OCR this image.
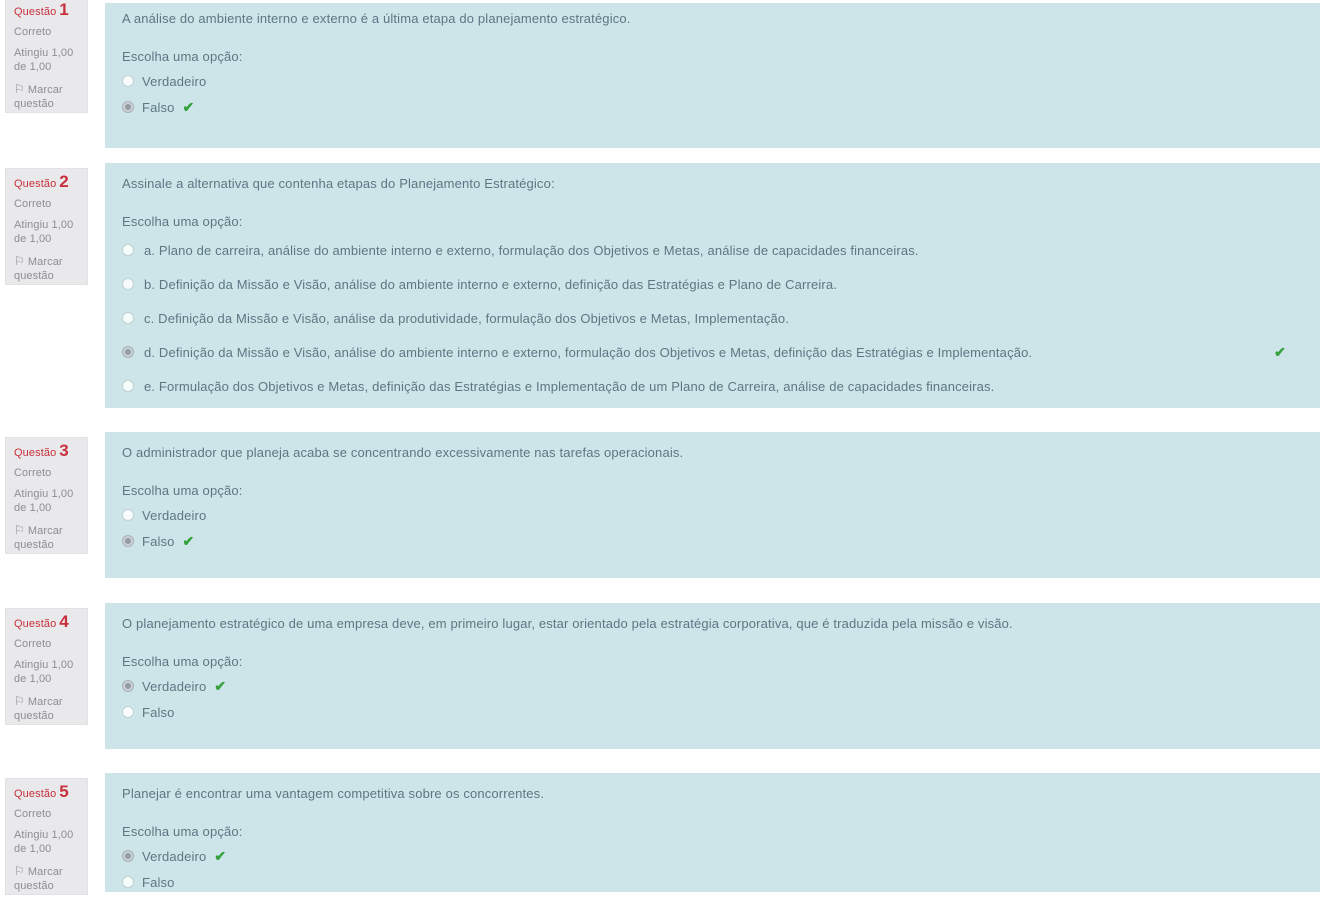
Questão 1
Correto
Atingiu 1,00 de 1,00
⚐ Marcar questão

A análise do ambiente interno e externo é a última etapa do planejamento estratégico.

Escolha uma opção:
Verdadeiro
Falso ✔
Questão 2
Correto
Atingiu 1,00 de 1,00
⚐ Marcar questão

Assinale a alternativa que contenha etapas do Planejamento Estratégico:

Escolha uma opção:
a. Plano de carreira, análise do ambiente interno e externo, formulação dos Objetivos e Metas, análise de capacidades financeiras.
b. Definição da Missão e Visão, análise do ambiente interno e externo, definição das Estratégias e Plano de Carreira.
c. Definição da Missão e Visão, análise da produtividade, formulação dos Objetivos e Metas, Implementação.
d. Definição da Missão e Visão, análise do ambiente interno e externo, formulação dos Objetivos e Metas, definição das Estratégias e Implementação.	✔
e. Formulação dos Objetivos e Metas, definição das Estratégias e Implementação de um Plano de Carreira, análise de capacidades financeiras.
Questão 3
Correto
Atingiu 1,00 de 1,00
⚐ Marcar questão

O administrador que planeja acaba se concentrando excessivamente nas tarefas operacionais.

Escolha uma opção:
Verdadeiro
Falso ✔
Questão 4
Correto
Atingiu 1,00 de 1,00
⚐ Marcar questão

O planejamento estratégico de uma empresa deve, em primeiro lugar, estar orientado pela estratégia corporativa, que é traduzida pela missão e visão.

Escolha uma opção:
Verdadeiro ✔
Falso
Questão 5
Correto
Atingiu 1,00 de 1,00
⚐ Marcar questão

Planejar é encontrar uma vantagem competitiva sobre os concorrentes.

Escolha uma opção:
Verdadeiro ✔
Falso
